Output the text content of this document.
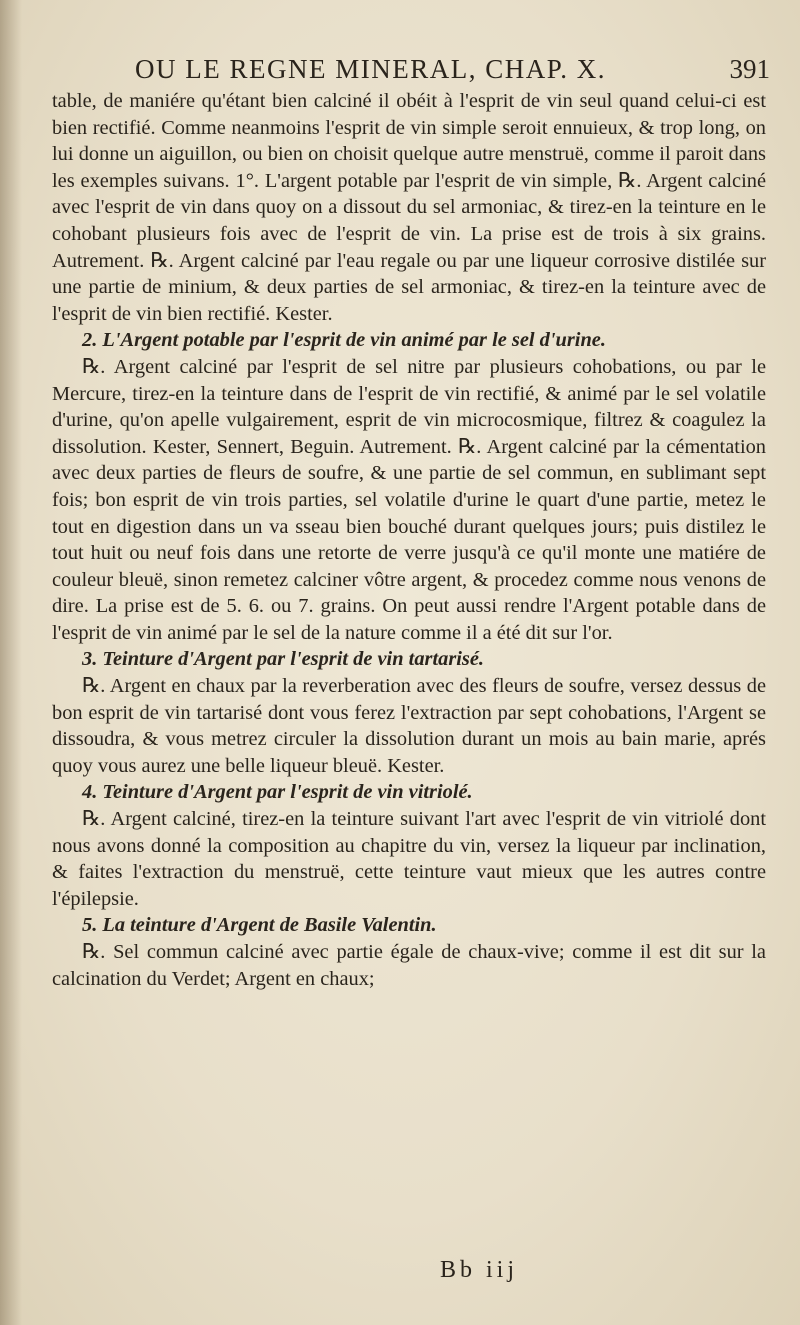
OU LE REGNE MINERAL, CHAP. X.	391

table, de maniére qu'étant bien calciné il obéit à l'esprit de vin seul quand celui-ci est bien rectifié. Comme neanmoins l'esprit de vin simple seroit ennuieux, & trop long, on lui donne un aiguillon, ou bien on choisit quelque autre menstruë, comme il paroit dans les exemples suivans. 1°. L'argent potable par l'esprit de vin simple, ℞. Argent calciné avec l'esprit de vin dans quoy on a dissout du sel armoniac, & tirez-en la teinture en le cohobant plusieurs fois avec de l'esprit de vin. La prise est de trois à six grains. Autrement. ℞. Argent calciné par l'eau regale ou par une liqueur corrosive distilée sur une partie de minium, & deux parties de sel armoniac, & tirez-en la teinture avec de l'esprit de vin bien rectifié. Kester.

2. L'Argent potable par l'esprit de vin animé par le sel d'urine.

℞. Argent calciné par l'esprit de sel nitre par plusieurs cohobations, ou par le Mercure, tirez-en la teinture dans de l'esprit de vin rectifié, & animé par le sel volatile d'urine, qu'on apelle vulgairement, esprit de vin microcosmique, filtrez & coagulez la dissolution. Kester, Sennert, Beguin. Autrement. ℞. Argent calciné par la cémentation avec deux parties de fleurs de soufre, & une partie de sel commun, en sublimant sept fois; bon esprit de vin trois parties, sel volatile d'urine le quart d'une partie, metez le tout en digestion dans un va sseau bien bouché durant quelques jours; puis distilez le tout huit ou neuf fois dans une retorte de verre jusqu'à ce qu'il monte une matiére de couleur bleuë, sinon remetez calciner vôtre argent, & procedez comme nous venons de dire. La prise est de 5. 6. ou 7. grains. On peut aussi rendre l'Argent potable dans de l'esprit de vin animé par le sel de la nature comme il a été dit sur l'or.

3. Teinture d'Argent par l'esprit de vin tartarisé.

℞. Argent en chaux par la reverberation avec des fleurs de soufre, versez dessus de bon esprit de vin tartarisé dont vous ferez l'extraction par sept cohobations, l'Argent se dissoudra, & vous metrez circuler la dissolution durant un mois au bain marie, aprés quoy vous aurez une belle liqueur bleuë. Kester.

4. Teinture d'Argent par l'esprit de vin vitriolé.

℞. Argent calciné, tirez-en la teinture suivant l'art avec l'esprit de vin vitriolé dont nous avons donné la composition au chapitre du vin, versez la liqueur par inclination, & faites l'extraction du menstruë, cette teinture vaut mieux que les autres contre l'épilepsie.

5. La teinture d'Argent de Basile Valentin.

℞. Sel commun calciné avec partie égale de chaux-vive; comme il est dit sur la calcination du Verdet; Argent en chaux;

Bb iij
